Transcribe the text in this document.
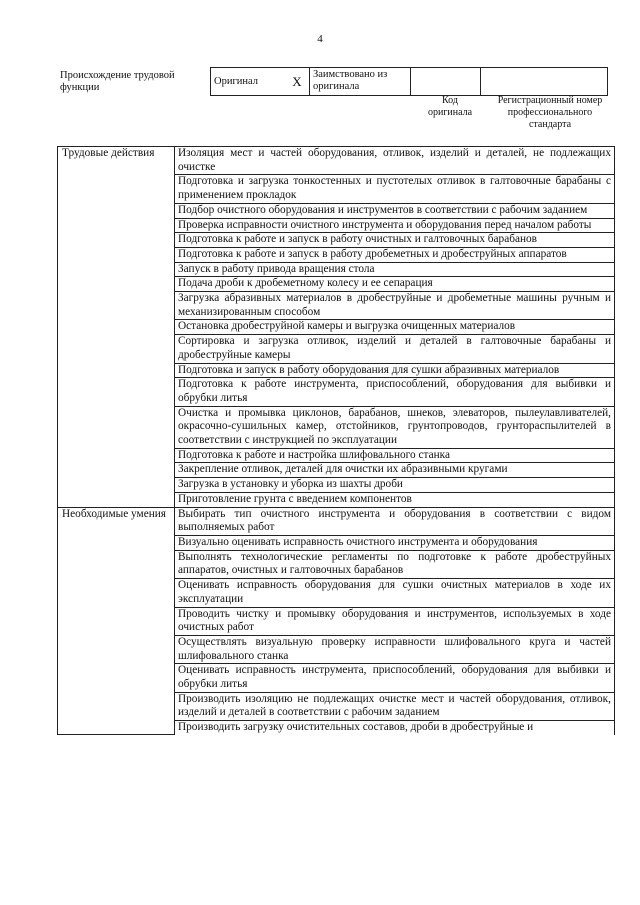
4
Происхождение трудовой функции
Оригинал	X	Заимствовано из оригинала		
Код оригинала
Регистрационный номер профессионального стандарта
Трудовые действия	Изоляция мест и частей оборудования, отливок, изделий и деталей, не подлежащих очистке
	Подготовка и загрузка тонкостенных и пустотелых отливок в галтовочные барабаны с применением прокладок
	Подбор очистного оборудования и инструментов в соответствии с рабочим заданием
	Проверка исправности очистного инструмента и оборудования перед началом работы
	Подготовка к работе и запуск в работу очистных и галтовочных барабанов
	Подготовка к работе и запуск в работу дробеметных и дробеструйных аппаратов
	Запуск в работу привода вращения стола
	Подача дроби к дробеметному колесу и ее сепарация
	Загрузка абразивных материалов в дробеструйные и дробеметные машины ручным и механизированным способом
	Остановка дробеструйной камеры и выгрузка очищенных материалов
	Сортировка и загрузка отливок, изделий и деталей в галтовочные барабаны и дробеструйные камеры
	Подготовка и запуск в работу оборудования для сушки абразивных материалов
	Подготовка к работе инструмента, приспособлений, оборудования для выбивки и обрубки литья
	Очистка и промывка циклонов, барабанов, шнеков, элеваторов, пылеулавливателей, окрасочно-сушильных камер, отстойников, грунтопроводов, грунтораспылителей в соответствии с инструкцией по эксплуатации
	Подготовка к работе и настройка шлифовального станка
	Закрепление отливок, деталей для очистки их абразивными кругами
	Загрузка в установку и уборка из шахты дроби
	Приготовление грунта с введением компонентов
Необходимые умения	Выбирать тип очистного инструмента и оборудования в соответствии с видом выполняемых работ
	Визуально оценивать исправность очистного инструмента и оборудования
	Выполнять технологические регламенты по подготовке к работе дробеструйных аппаратов, очистных и галтовочных барабанов
	Оценивать исправность оборудования для сушки очистных материалов в ходе их эксплуатации
	Проводить чистку и промывку оборудования и инструментов, используемых в ходе очистных работ
	Осуществлять визуальную проверку исправности шлифовального круга и частей шлифовального станка
	Оценивать исправность инструмента, приспособлений, оборудования для выбивки и обрубки литья
	Производить изоляцию не подлежащих очистке мест и частей оборудования, отливок, изделий и деталей в соответствии с рабочим заданием
	Производить загрузку очистительных составов, дроби в дробеструйные и
